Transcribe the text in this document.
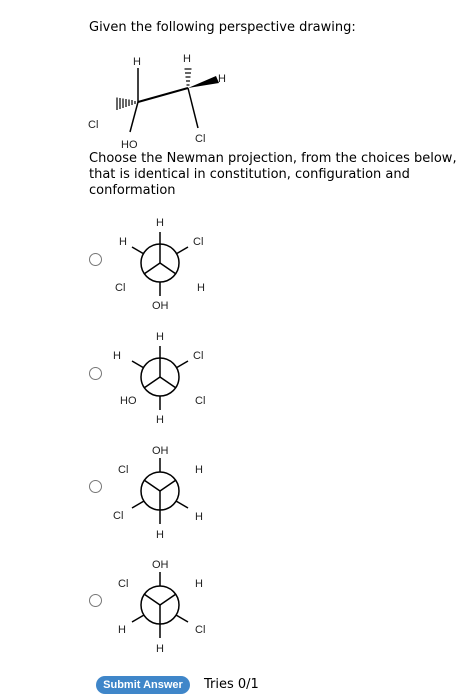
Given the following perspective drawing:
H
Cl
HO
H
H
Cl
Choose the Newman projection, from the choices below, that is identical in constitution, configuration and conformation
H
Cl	H
H	Cl
OH
H
HO	Cl
H	Cl
H
OH
Cl	H
Cl	H
H
OH
H	Cl
Cl	H
H
Submit Answer	Tries 0/1
